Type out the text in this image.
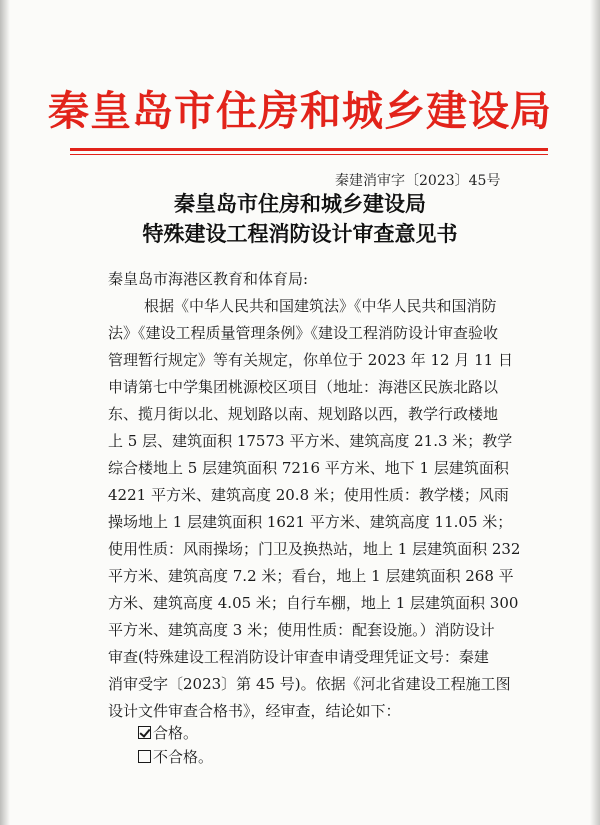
秦皇岛市住房和城乡建设局
秦建消审字〔2023〕45号
秦皇岛市住房和城乡建设局
特殊建设工程消防设计审查意见书
秦皇岛市海港区教育和体育局:
根据《中华人民共和国建筑法》《中华人民共和国消防
法》《建设工程质量管理条例》《建设工程消防设计审查验收
管理暂行规定》等有关规定，你单位于 2023 年 12 月 11 日
申请第七中学集团桃源校区项目（地址：海港区民族北路以
东、揽月街以北、规划路以南、规划路以西，教学行政楼地
上 5 层、建筑面积 17573 平方米、建筑高度 21.3 米；教学
综合楼地上 5 层建筑面积 7216 平方米、地下 1 层建筑面积
4221 平方米、建筑高度 20.8 米；使用性质：教学楼；风雨
操场地上 1 层建筑面积 1621 平方米、建筑高度 11.05 米；
使用性质：风雨操场；门卫及换热站，地上 1 层建筑面积 232
平方米、建筑高度 7.2 米；看台，地上 1 层建筑面积 268 平
方米、建筑高度 4.05 米；自行车棚，地上 1 层建筑面积 300
平方米、建筑高度 3 米；使用性质：配套设施。）消防设计
审查(特殊建设工程消防设计审查申请受理凭证文号：秦建
消审受字〔2023〕第 45 号)。依据《河北省建设工程施工图
设计文件审查合格书》，经审查，结论如下：
合格。
不合格。
